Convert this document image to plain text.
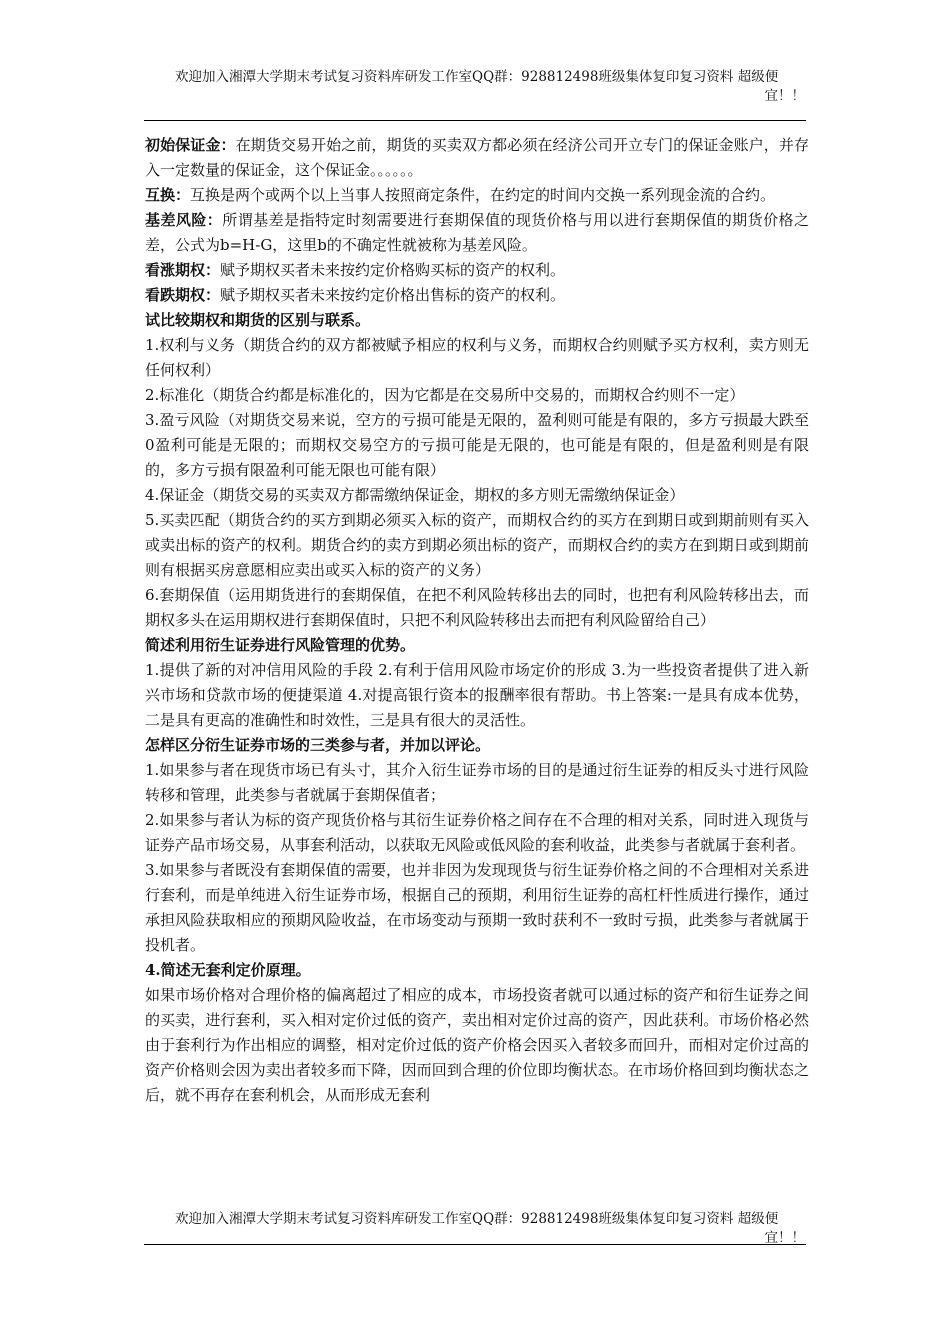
欢迎加入湘潭大学期末考试复习资料库研发工作室QQ群：928812498班级集体复印复习资料 超级便
宜！！

初始保证金：在期货交易开始之前，期货的买卖双方都必须在经济公司开立专门的保证金账户，并存入一定数量的保证金，这个保证金。。。。。。

互换：互换是两个或两个以上当事人按照商定条件，在约定的时间内交换一系列现金流的合约。

基差风险：所谓基差是指特定时刻需要进行套期保值的现货价格与用以进行套期保值的期货价格之差，公式为b=H-G，这里b的不确定性就被称为基差风险。

看涨期权：赋予期权买者未来按约定价格购买标的资产的权利。

看跌期权：赋予期权买者未来按约定价格出售标的资产的权利。

试比较期权和期货的区别与联系。

1.权利与义务（期货合约的双方都被赋予相应的权利与义务，而期权合约则赋予买方权利，卖方则无任何权利）

2.标准化（期货合约都是标准化的，因为它都是在交易所中交易的，而期权合约则不一定）

3.盈亏风险（对期货交易来说，空方的亏损可能是无限的，盈利则可能是有限的，多方亏损最大跌至0盈利可能是无限的；而期权交易空方的亏损可能是无限的，也可能是有限的，但是盈利则是有限的，多方亏损有限盈利可能无限也可能有限）

4.保证金（期货交易的买卖双方都需缴纳保证金，期权的多方则无需缴纳保证金）

5.买卖匹配（期货合约的买方到期必须买入标的资产，而期权合约的买方在到期日或到期前则有买入或卖出标的资产的权利。期货合约的卖方到期必须出标的资产，而期权合约的卖方在到期日或到期前则有根据买房意愿相应卖出或买入标的资产的义务）

6.套期保值（运用期货进行的套期保值，在把不利风险转移出去的同时，也把有利风险转移出去，而期权多头在运用期权进行套期保值时，只把不利风险转移出去而把有利风险留给自己）

简述利用衍生证券进行风险管理的优势。

1.提供了新的对冲信用风险的手段 2.有利于信用风险市场定价的形成 3.为一些投资者提供了进入新兴市场和贷款市场的便捷渠道 4.对提高银行资本的报酬率很有帮助。书上答案:一是具有成本优势，二是具有更高的准确性和时效性，三是具有很大的灵活性。

怎样区分衍生证券市场的三类参与者，并加以评论。

1.如果参与者在现货市场已有头寸，其介入衍生证券市场的目的是通过衍生证券的相反头寸进行风险转移和管理，此类参与者就属于套期保值者；

2.如果参与者认为标的资产现货价格与其衍生证券价格之间存在不合理的相对关系，同时进入现货与证券产品市场交易，从事套利活动，以获取无风险或低风险的套利收益，此类参与者就属于套利者。

3.如果参与者既没有套期保值的需要，也并非因为发现现货与衍生证券价格之间的不合理相对关系进行套利，而是单纯进入衍生证券市场，根据自己的预期，利用衍生证券的高杠杆性质进行操作，通过承担风险获取相应的预期风险收益，在市场变动与预期一致时获利不一致时亏损，此类参与者就属于投机者。

4.简述无套利定价原理。

如果市场价格对合理价格的偏离超过了相应的成本，市场投资者就可以通过标的资产和衍生证券之间的买卖，进行套利，买入相对定价过低的资产，卖出相对定价过高的资产，因此获利。市场价格必然由于套利行为作出相应的调整，相对定价过低的资产价格会因买入者较多而回升，而相对定价过高的资产价格则会因为卖出者较多而下降，因而回到合理的价位即均衡状态。在市场价格回到均衡状态之后，就不再存在套利机会，从而形成无套利

欢迎加入湘潭大学期末考试复习资料库研发工作室QQ群：928812498班级集体复印复习资料 超级便
宜！！
